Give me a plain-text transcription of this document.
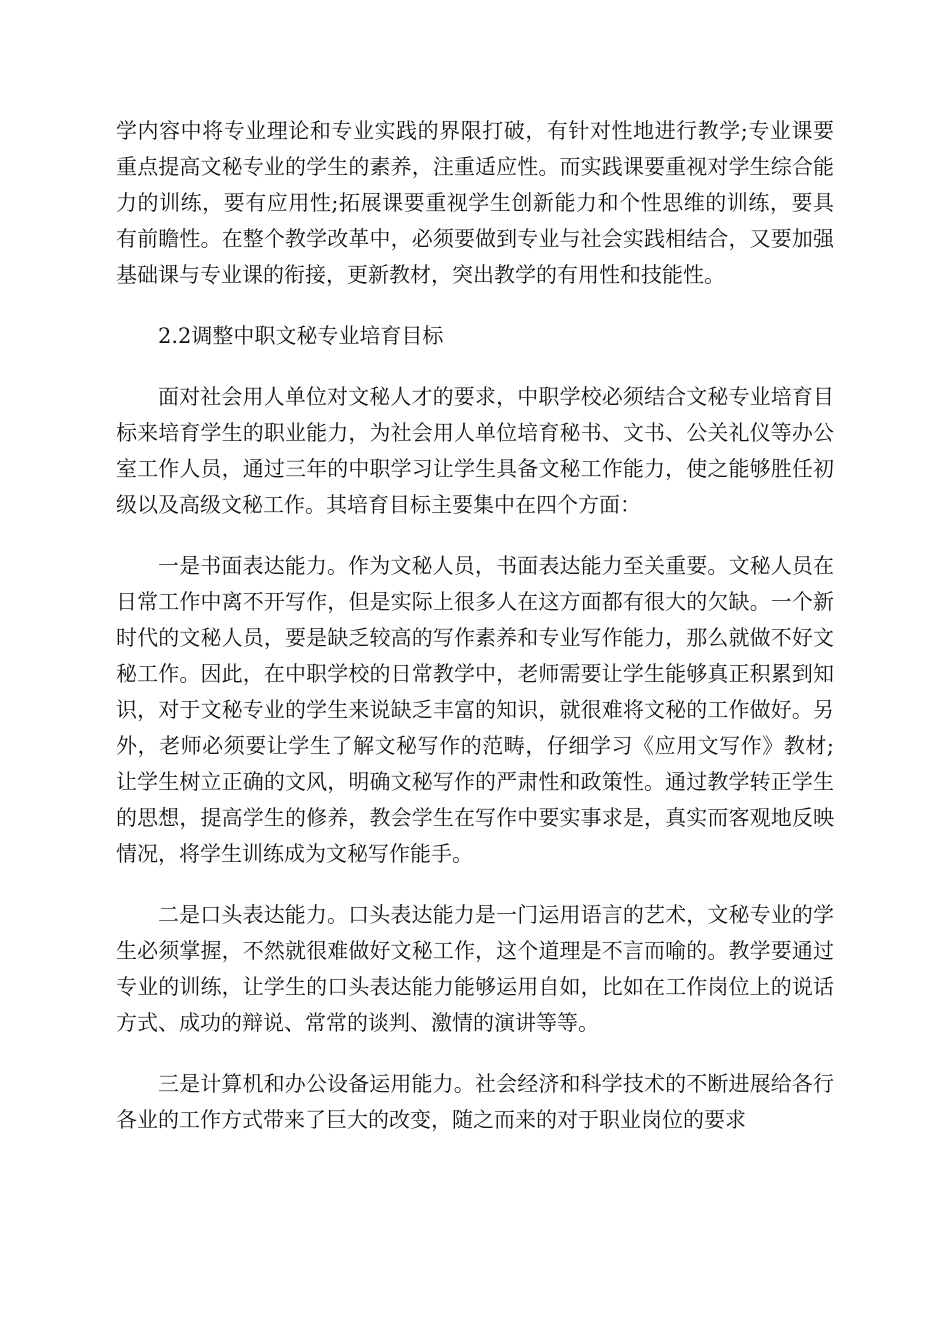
学内容中将专业理论和专业实践的界限打破，有针对性地进行教学;专业课要重点提高文秘专业的学生的素养，注重适应性。而实践课要重视对学生综合能力的训练，要有应用性;拓展课要重视学生创新能力和个性思维的训练，要具有前瞻性。在整个教学改革中，必须要做到专业与社会实践相结合，又要加强基础课与专业课的衔接，更新教材，突出教学的有用性和技能性。

2.2调整中职文秘专业培育目标

面对社会用人单位对文秘人才的要求，中职学校必须结合文秘专业培育目标来培育学生的职业能力，为社会用人单位培育秘书、文书、公关礼仪等办公室工作人员，通过三年的中职学习让学生具备文秘工作能力，使之能够胜任初级以及高级文秘工作。其培育目标主要集中在四个方面：

一是书面表达能力。作为文秘人员，书面表达能力至关重要。文秘人员在日常工作中离不开写作，但是实际上很多人在这方面都有很大的欠缺。一个新时代的文秘人员，要是缺乏较高的写作素养和专业写作能力，那么就做不好文秘工作。因此，在中职学校的日常教学中，老师需要让学生能够真正积累到知识，对于文秘专业的学生来说缺乏丰富的知识，就很难将文秘的工作做好。另外，老师必须要让学生了解文秘写作的范畴，仔细学习《应用文写作》教材;让学生树立正确的文风，明确文秘写作的严肃性和政策性。通过教学转正学生的思想，提高学生的修养，教会学生在写作中要实事求是，真实而客观地反映情况，将学生训练成为文秘写作能手。

二是口头表达能力。口头表达能力是一门运用语言的艺术，文秘专业的学生必须掌握，不然就很难做好文秘工作，这个道理是不言而喻的。教学要通过专业的训练，让学生的口头表达能力能够运用自如，比如在工作岗位上的说话方式、成功的辩说、常常的谈判、激情的演讲等等。

三是计算机和办公设备运用能力。社会经济和科学技术的不断进展给各行各业的工作方式带来了巨大的改变，随之而来的对于职业岗位的要求
